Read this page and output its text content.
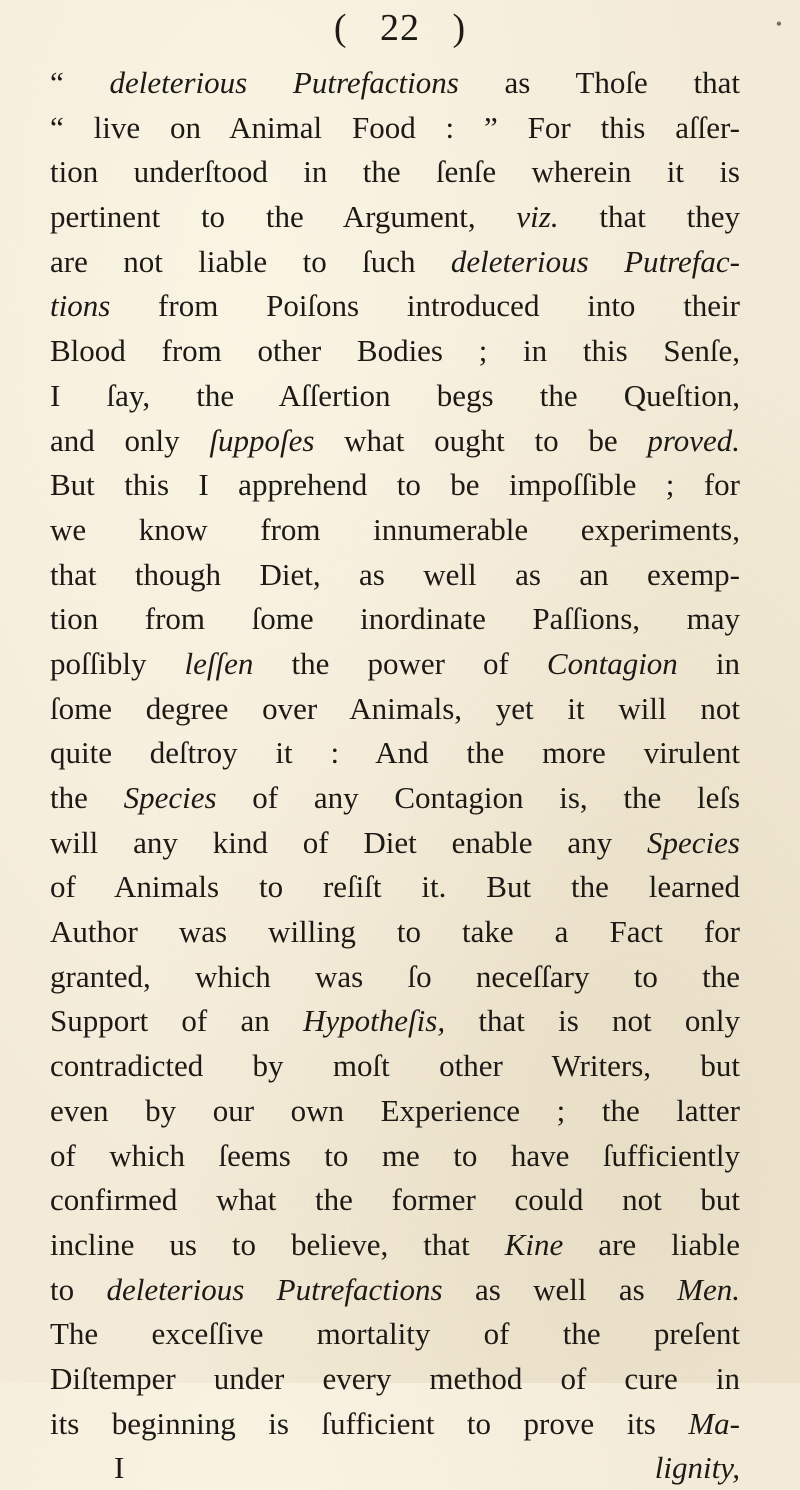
•
( 22 )
“ deleterious Putrefactions as Thoſe that
“ live on Animal Food : ” For this aſſer-
tion underſtood in the ſenſe wherein it is
pertinent to the Argument, viz. that they
are not liable to ſuch deleterious Putrefac-
tions from Poiſons introduced into their
Blood from other Bodies ; in this Senſe,
I ſay, the Aſſertion begs the Queſtion,
and only ſuppoſes what ought to be proved.
But this I apprehend to be impoſſible ; for
we know from innumerable experiments,
that though Diet, as well as an exemp-
tion from ſome inordinate Paſſions, may
poſſibly leſſen the power of Contagion in
ſome degree over Animals, yet it will not
quite deſtroy it : And the more virulent
the Species of any Contagion is, the leſs
will any kind of Diet enable any Species
of Animals to reſiſt it. But the learned
Author was willing to take a Fact for
granted, which was ſo neceſſary to the
Support of an Hypotheſis, that is not only
contradicted by moſt other Writers, but
even by our own Experience ; the latter
of which ſeems to me to have ſufficiently
confirmed what the former could not but
incline us to believe, that Kine are liable
to deleterious Putrefactions as well as Men.
The exceſſive mortality of the preſent
Diſtemper under every method of cure in
its beginning is ſufficient to prove its Ma-
I	lignity,
